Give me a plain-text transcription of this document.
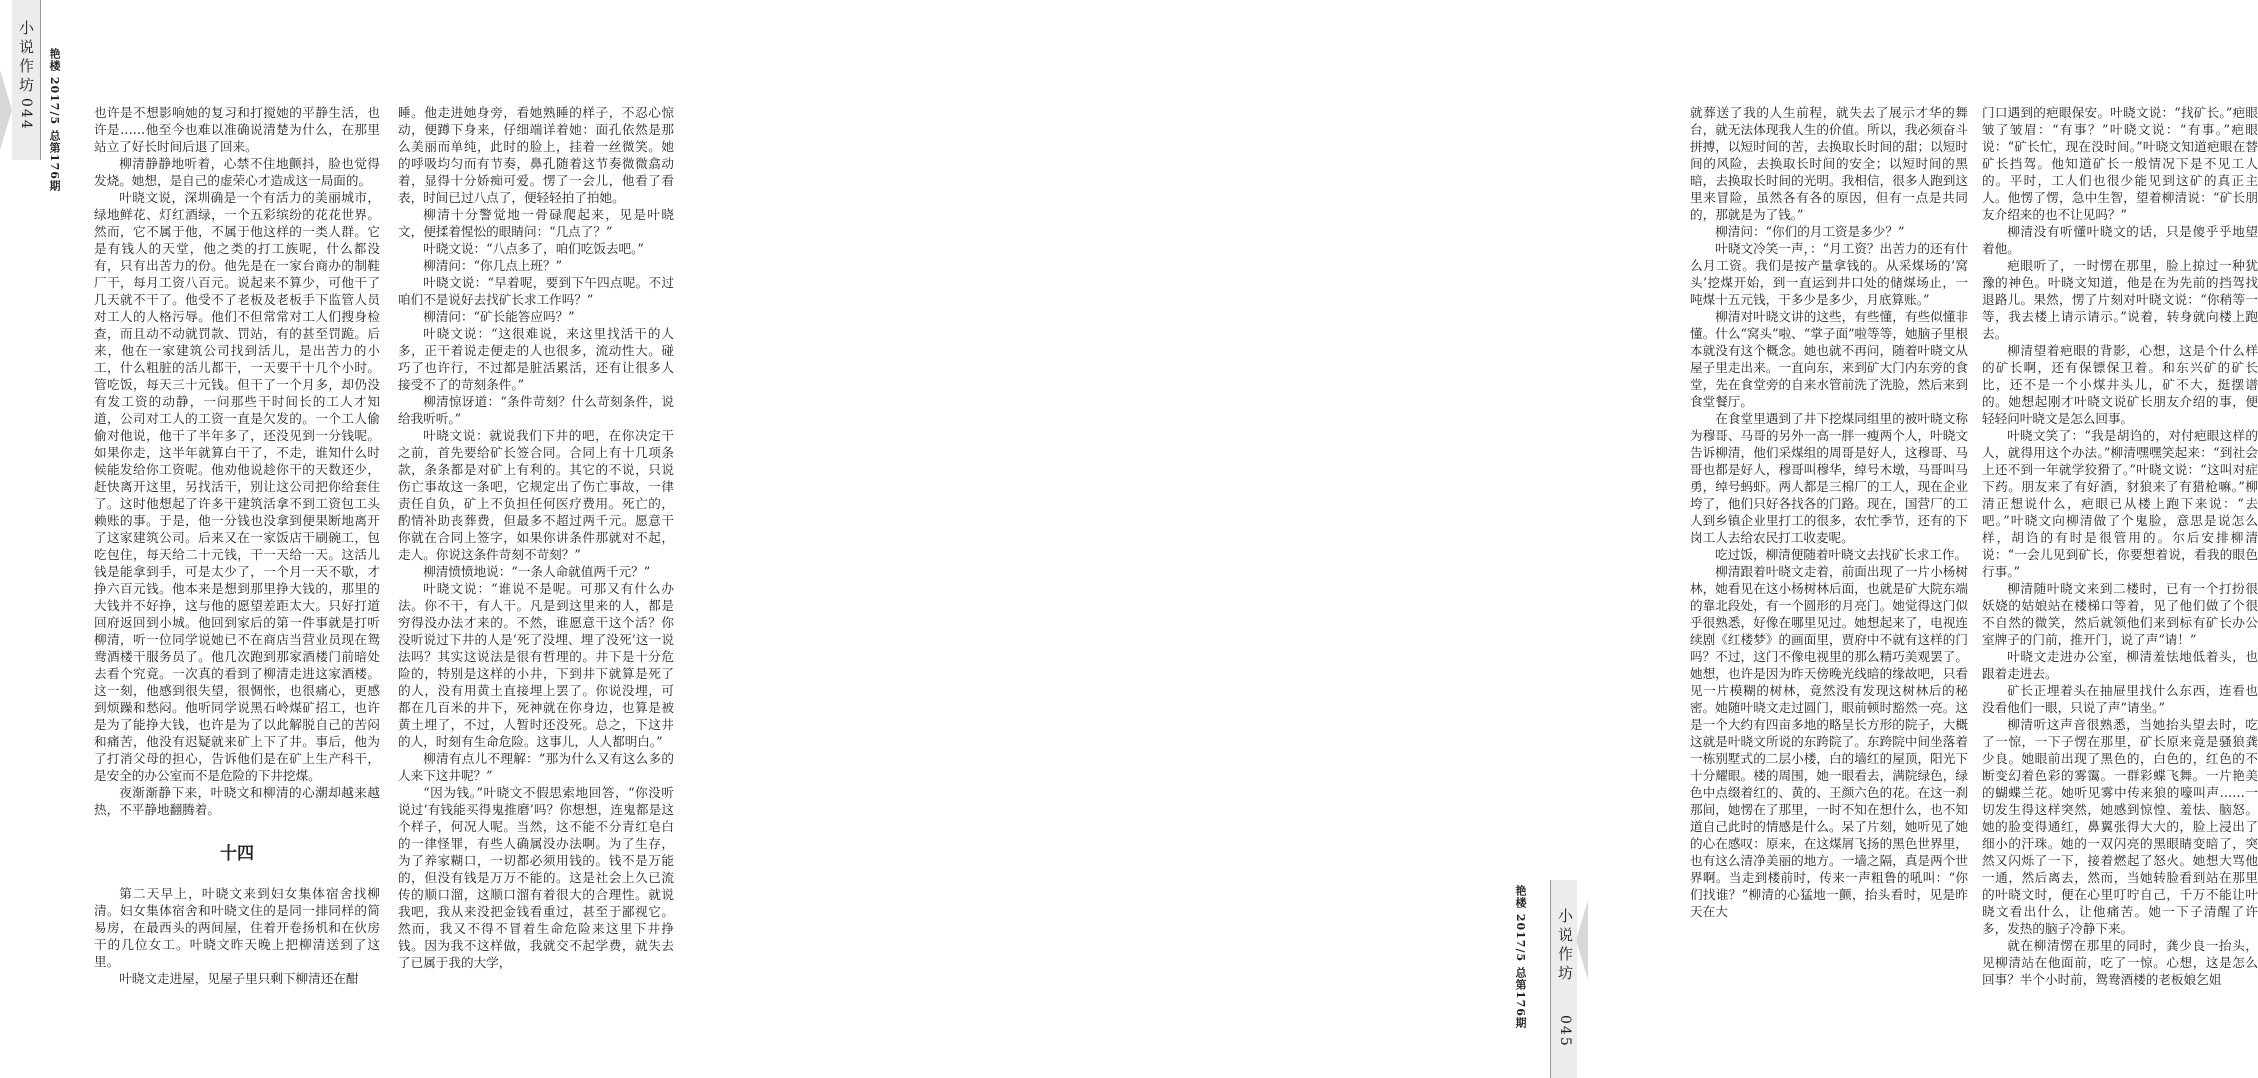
小说作坊
044 艳楼 2017/5 总第176期	也许是不想影响她的复习和打搅她的平静生活，也许是……他至今也难以准确说清楚为什么，在那里站立了好长时间后退了回来。

柳清静静地听着，心禁不住地颤抖，脸也觉得发烧。她想，是自己的虚荣心才造成这一局面的。

叶晓文说，深圳确是一个有活力的美丽城市，绿地鲜花、灯红酒绿，一个五彩缤纷的花花世界。然而，它不属于他，不属于他这样的一类人群。它是有钱人的天堂，他之类的打工族呢，什么都没有，只有出苦力的份。他先是在一家台商办的制鞋厂干，每月工资八百元。说起来不算少，可他干了几天就不干了。他受不了老板及老板手下监管人员对工人的人格污辱。他们不但常常对工人们搜身检查，而且动不动就罚款、罚站，有的甚至罚跪。后来，他在一家建筑公司找到活儿，是出苦力的小工，什么粗脏的活儿都干，一天要干十几个小时。管吃饭，每天三十元钱。但干了一个月多，却仍没有发工资的动静，一问那些干时间长的工人才知道，公司对工人的工资一直是欠发的。一个工人偷偷对他说，他干了半年多了，还没见到一分钱呢。如果你走，这半年就算白干了，不走，谁知什么时候能发给你工资呢。他劝他说趁你干的天数还少，赶快离开这里，另找活干，别让这公司把你给套住了。这时他想起了许多干建筑活拿不到工资包工头赖账的事。于是，他一分钱也没拿到便果断地离开了这家建筑公司。后来又在一家饭店干刷碗工，包吃包住，每天给二十元钱，干一天给一天。这活儿钱是能拿到手，可是太少了，一个月一天不歇，才挣六百元钱。他本来是想到那里挣大钱的，那里的大钱并不好挣，这与他的愿望差距太大。只好打道回府返回到小城。他回到家后的第一件事就是打听柳清，听一位同学说她已不在商店当营业员现在鸳鸯酒楼干服务员了。他几次跑到那家酒楼门前暗处去看个究竟。一次真的看到了柳清走进这家酒楼。这一刻，他感到很失望，很惆怅，也很痛心，更感到烦躁和愁闷。他听同学说黑石岭煤矿招工，也许是为了能挣大钱，也许是为了以此解脱自己的苦闷和痛苦，他没有迟疑就来矿上下了井。事后，他为了打消父母的担心，告诉他们是在矿上生产科干，是安全的办公室而不是危险的下井挖煤。

夜渐渐静下来，叶晓文和柳清的心潮却越来越热，不平静地翻腾着。

十四

第二天早上，叶晓文来到妇女集体宿舍找柳清。妇女集体宿舍和叶晓文住的是同一排同样的简易房，在最西头的两间屋，住着开卷扬机和在伙房干的几位女工。叶晓文昨天晚上把柳清送到了这里。

叶晓文走进屋，见屋子里只剩下柳清还在酣

睡。他走进她身旁，看她熟睡的样子，不忍心惊动，便蹲下身来，仔细端详着她：面孔依然是那么美丽而单纯，此时的脸上，挂着一丝微笑。她的呼吸均匀而有节奏，鼻孔随着这节奏微微翕动着，显得十分娇痴可爱。愣了一会儿，他看了看表，时间已过八点了，便轻轻拍了拍她。

柳清十分警觉地一骨碌爬起来，见是叶晓文，便揉着惺忪的眼睛问：“几点了？”

叶晓文说：“八点多了，咱们吃饭去吧。”

柳清问：“你几点上班？”

叶晓文说：“早着呢，要到下午四点呢。不过咱们不是说好去找矿长求工作吗？”

柳清问：“矿长能答应吗？”

叶晓文说：“这很难说，来这里找活干的人多，正干着说走便走的人也很多，流动性大。碰巧了也许行，不过都是脏活累活，还有让很多人接受不了的苛刻条件。”

柳清惊讶道：“条件苛刻？什么苛刻条件，说给我听听。”

叶晓文说：就说我们下井的吧，在你决定干之前，首先要给矿长签合同。合同上有十几项条款，条条都是对矿上有利的。其它的不说，只说伤亡事故这一条吧，它规定出了伤亡事故，一律责任自负，矿上不负担任何医疗费用。死亡的，酌情补助丧葬费，但最多不超过两千元。愿意干你就在合同上签字，如果你讲条件那就对不起，走人。你说这条件苛刻不苛刻？”

柳清愤愤地说：“一条人命就值两千元？”

叶晓文说：“谁说不是呢。可那又有什么办法。你不干，有人干。凡是到这里来的人，都是穷得没办法才来的。不然，谁愿意干这个活？你没听说过下井的人是‘死了没埋、埋了没死’这一说法吗？其实这说法是很有哲理的。井下是十分危险的，特别是这样的小井，下到井下就算是死了的人，没有用黄土直接埋上罢了。你说没埋，可都在几百米的井下，死神就在你身边，也算是被黄土埋了，不过，人暂时还没死。总之，下这井的人，时刻有生命危险。这事儿，人人都明白。”

柳清有点儿不理解：“那为什么又有这么多的人来下这井呢？”

“因为钱。”叶晓文不假思索地回答，“你没听说过‘有钱能买得鬼推磨’吗？你想想，连鬼都是这个样子，何况人呢。当然，这不能不分青红皂白的一律怪罪，有些人确属没办法啊。为了生存，为了养家糊口，一切都必须用钱的。钱不是万能的，但没有钱是万万不能的。这是社会上久已流传的顺口溜，这顺口溜有着很大的合理性。就说我吧，我从来没把金钱看重过，甚至于鄙视它。然而，我又不得不冒着生命危险来这里下井挣钱。因为我不这样做，我就交不起学费，就失去了已属于我的大学，	小说作坊
045
艳楼 2017/5 总第176期

就葬送了我的人生前程，就失去了展示才华的舞台，就无法体现我人生的价值。所以，我必须奋斗拼搏，以短时间的苦，去换取长时间的甜；以短时间的风险，去换取长时间的安全；以短时间的黑暗，去换取长时间的光明。我相信，很多人跑到这里来冒险，虽然各有各的原因，但有一点是共同的，那就是为了钱。”

柳清问：“你们的月工资是多少？”

叶晓文冷笑一声，：“月工资？出苦力的还有什么月工资。我们是按产量拿钱的。从采煤场的‘窝头’挖煤开始，到一直运到井口处的储煤场止，一吨煤十五元钱，干多少是多少，月底算账。”

柳清对叶晓文讲的这些，有些懂，有些似懂非懂。什么“窝头”啦、“掌子面”啦等等，她脑子里根本就没有这个概念。她也就不再问，随着叶晓文从屋子里走出来。一直向东，来到矿大门内东旁的食堂，先在食堂旁的自来水管前洗了洗脸，然后来到食堂餐厅。

在食堂里遇到了井下挖煤同组里的被叶晓文称为穆哥、马哥的另外一高一胖一瘦两个人，叶晓文告诉柳清，他们采煤组的周哥是好人，这穆哥、马哥也都是好人，穆哥叫穆华，绰号木墩，马哥叫马勇，绰号蚂虾。两人都是三棉厂的工人，现在企业垮了，他们只好各找各的门路。现在，国营厂的工人到乡镇企业里打工的很多，农忙季节，还有的下岗工人去给农民打工收麦呢。

吃过饭，柳清便随着叶晓文去找矿长求工作。

柳清跟着叶晓文走着，前面出现了一片小杨树林，她看见在这小杨树林后面，也就是矿大院东端的靠北段处，有一个圆形的月亮门。她觉得这门似乎很熟悉，好像在哪里见过。她想起来了，电视连续剧《红楼梦》的画面里，贾府中不就有这样的门吗？不过，这门不像电视里的那么精巧美观罢了。她想，也许是因为昨天傍晚光线暗的缘故吧，只看见一片模糊的树林，竟然没有发现这树林后的秘密。她随叶晓文走过圆门，眼前顿时豁然一亮。这是一个大约有四亩多地的略呈长方形的院子，大概这就是叶晓文所说的东跨院了。东跨院中间坐落着一栋别墅式的二层小楼，白的墙红的屋顶，阳光下十分耀眼。楼的周围，她一眼看去，满院绿色，绿色中点缀着红的、黄的、王颜六色的花。在这一刹那间，她愣在了那里，一时不知在想什么，也不知道自己此时的情感是什么。呆了片刻，她听见了她的心在感叹：原来，在这煤屑飞扬的黑色世界里，也有这么清净美丽的地方。一墙之隔，真是两个世界啊。当走到楼前时，传来一声粗鲁的吼叫：“你们找谁？”柳清的心猛地一颤，抬头看时，见是昨天在大

门口遇到的疤眼保安。叶晓文说：“找矿长。”疤眼皱了皱眉：“有事？”叶晓文说：“有事。”疤眼说：“矿长忙，现在没时间。”叶晓文知道疤眼在替矿长挡驾。他知道矿长一般情况下是不见工人的。平时，工人们也很少能见到这矿的真正主人。他愣了愣，急中生智，望着柳清说：“矿长朋友介绍来的也不让见吗？”

柳清没有听懂叶晓文的话，只是傻乎乎地望着他。

疤眼听了，一时愣在那里，脸上掠过一种犹豫的神色。叶晓文知道，他是在为先前的挡驾找退路儿。果然，愣了片刻对叶晓文说：“你稍等一等，我去楼上请示请示。”说着，转身就向楼上跑去。

柳清望着疤眼的背影，心想，这是个什么样的矿长啊，还有保镖保卫着。和东兴矿的矿长比，还不是一个小煤井头儿，矿不大，挺摆谱的。她想起刚才叶晓文说矿长朋友介绍的事，便轻轻问叶晓文是怎么回事。

叶晓文笑了：“我是胡诌的，对付疤眼这样的人，就得用这个办法。”柳清嘿嘿笑起来：“到社会上还不到一年就学狡猾了。”叶晓文说：“这叫对症下药。朋友来了有好酒，豺狼来了有猎枪嘛。”柳清正想说什么，疤眼已从楼上跑下来说：“去吧。”叶晓文向柳清做了个鬼脸，意思是说怎么样，胡诌的有时是很管用的。尔后安排柳清说：“一会儿见到矿长，你要想着说，看我的眼色行事。”

柳清随叶晓文来到二楼时，已有一个打扮很妖娆的姑娘站在楼梯口等着，见了他们做了个很不自然的微笑，然后就领他们来到标有矿长办公室牌子的门前，推开门，说了声“请！”

叶晓文走进办公室，柳清羞怯地低着头，也跟着走进去。

矿长正埋着头在抽屉里找什么东西，连看也没看他们一眼，只说了声“请坐。”

柳清听这声音很熟悉，当她抬头望去时，吃了一惊，一下子愣在那里，矿长原来竟是骚狼龚少良。她眼前出现了黑色的，白色的，红色的不断变幻着色彩的雾霭。一群彩蝶飞舞。一片艳美的蝴蝶兰花。她听见雾中传来狼的嚎叫声……一切发生得这样突然，她感到惊惶、羞怯、脑怒。她的脸变得通红，鼻翼张得大大的，脸上浸出了细小的汗珠。她的一双闪亮的黑眼睛变暗了，突然又闪烁了一下，接着燃起了怒火。她想大骂他一通，然后离去，然而，当她转脸看到站在那里的叶晓文时，便在心里叮咛自己，千万不能让叶晓文看出什么，让他痛苦。她一下子清醒了许多，发热的脑子冷静下来。

就在柳清愣在那里的同时，龚少良一抬头，见柳清站在他面前，吃了一惊。心想，这是怎么回事？半个小时前，鸳鸯酒楼的老板娘乞姐
